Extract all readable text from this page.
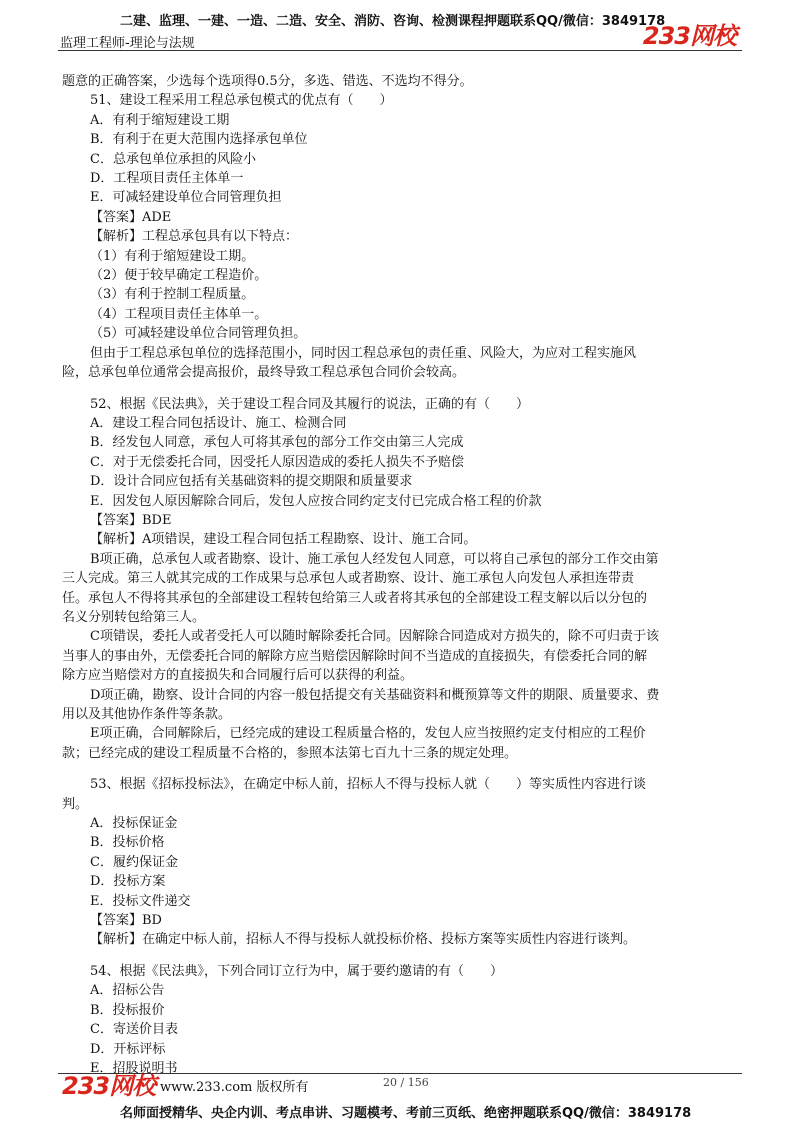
二建、监理、一建、一造、二造、安全、消防、咨询、检测课程押题联系QQ/微信：3849178
233网校
监理工程师-理论与法规
题意的正确答案，少选每个选项得0.5分，多选、错选、不选均不得分。
51、建设工程采用工程总承包模式的优点有（　　）
A．有利于缩短建设工期
B．有利于在更大范围内选择承包单位
C．总承包单位承担的风险小
D．工程项目责任主体单一
E．可减轻建设单位合同管理负担
【答案】ADE
【解析】工程总承包具有以下特点：
（1）有利于缩短建设工期。
（2）便于较早确定工程造价。
（3）有利于控制工程质量。
（4）工程项目责任主体单一。
（5）可减轻建设单位合同管理负担。
但由于工程总承包单位的选择范围小，同时因工程总承包的责任重、风险大，为应对工程实施风
险，总承包单位通常会提高报价，最终导致工程总承包合同价会较高。
52、根据《民法典》，关于建设工程合同及其履行的说法，正确的有（　　）
A．建设工程合同包括设计、施工、检测合同
B．经发包人同意，承包人可将其承包的部分工作交由第三人完成
C．对于无偿委托合同，因受托人原因造成的委托人损失不予赔偿
D．设计合同应包括有关基础资料的提交期限和质量要求
E．因发包人原因解除合同后，发包人应按合同约定支付已完成合格工程的价款
【答案】BDE
【解析】A项错误，建设工程合同包括工程勘察、设计、施工合同。
B项正确，总承包人或者勘察、设计、施工承包人经发包人同意，可以将自己承包的部分工作交由第
三人完成。第三人就其完成的工作成果与总承包人或者勘察、设计、施工承包人向发包人承担连带责
任。承包人不得将其承包的全部建设工程转包给第三人或者将其承包的全部建设工程支解以后以分包的
名义分别转包给第三人。
C项错误，委托人或者受托人可以随时解除委托合同。因解除合同造成对方损失的，除不可归责于该
当事人的事由外，无偿委托合同的解除方应当赔偿因解除时间不当造成的直接损失，有偿委托合同的解
除方应当赔偿对方的直接损失和合同履行后可以获得的利益。
D项正确，勘察、设计合同的内容一般包括提交有关基础资料和概预算等文件的期限、质量要求、费
用以及其他协作条件等条款。
E项正确，合同解除后，已经完成的建设工程质量合格的，发包人应当按照约定支付相应的工程价
款；已经完成的建设工程质量不合格的，参照本法第七百九十三条的规定处理。
53、根据《招标投标法》，在确定中标人前，招标人不得与投标人就（　　）等实质性内容进行谈
判。
A．投标保证金
B．投标价格
C．履约保证金
D．投标方案
E．投标文件递交
【答案】BD
【解析】在确定中标人前，招标人不得与投标人就投标价格、投标方案等实质性内容进行谈判。
54、根据《民法典》，下列合同订立行为中，属于要约邀请的有（　　）
A．招标公告
B．投标报价
C．寄送价目表
D．开标评标
E．招股说明书
233网校 www.233.com 版权所有	20 / 156
名师面授精华、央企内训、考点串讲、习题模考、考前三页纸、绝密押题联系QQ/微信：3849178
